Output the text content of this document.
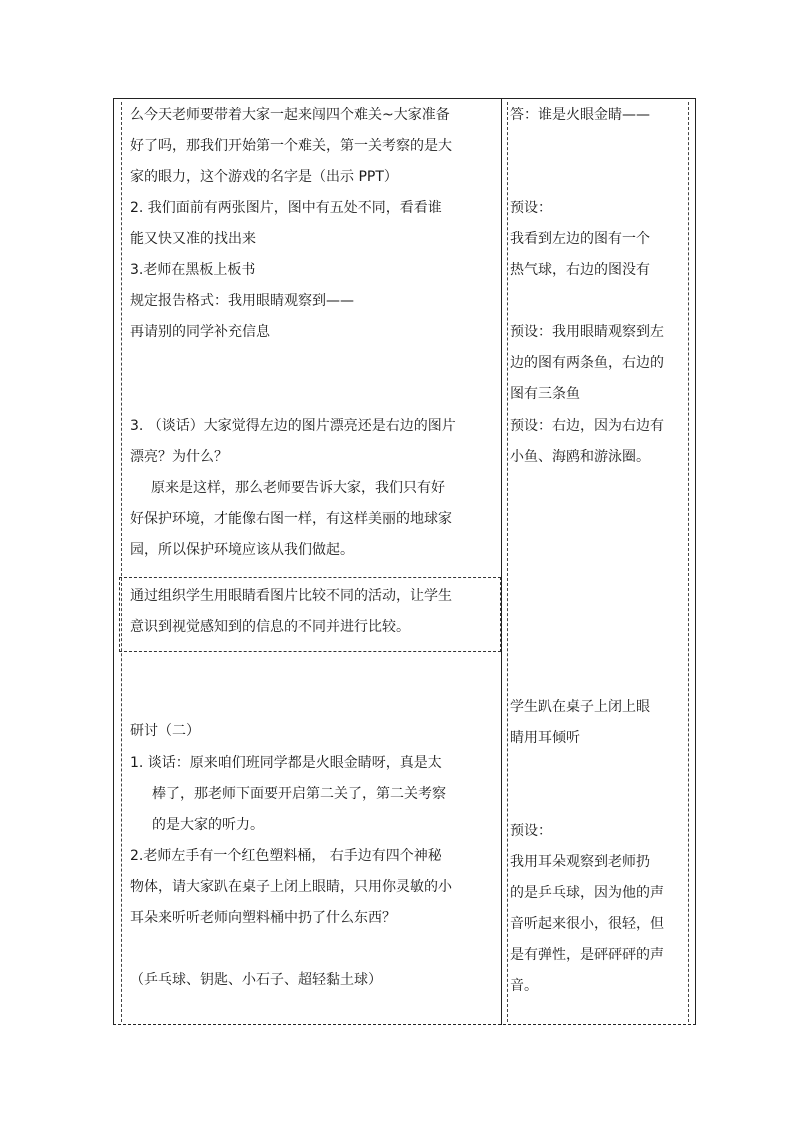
么今天老师要带着大家一起来闯四个难关~大家准备
好了吗，那我们开始第一个难关，第一关考察的是大
家的眼力，这个游戏的名字是（出示 PPT）
2. 我们面前有两张图片，图中有五处不同，看看谁
能又快又准的找出来
3.老师在黑板上板书
规定报告格式：我用眼睛观察到——
再请别的同学补充信息
3. （谈话）大家觉得左边的图片漂亮还是右边的图片
漂亮？为什么？
原来是这样，那么老师要告诉大家，我们只有好
好保护环境，才能像右图一样，有这样美丽的地球家
园，所以保护环境应该从我们做起。
通过组织学生用眼睛看图片比较不同的活动，让学生
意识到视觉感知到的信息的不同并进行比较。
研讨（二）
1. 谈话：原来咱们班同学都是火眼金睛呀，真是太
棒了，那老师下面要开启第二关了，第二关考察
的是大家的听力。
2.老师左手有一个红色塑料桶， 右手边有四个神秘
物体，请大家趴在桌子上闭上眼睛，只用你灵敏的小
耳朵来听听老师向塑料桶中扔了什么东西？
（乒乓球、钥匙、小石子、超轻黏土球）
答：谁是火眼金睛——
预设：
我看到左边的图有一个
热气球，右边的图没有
预设：我用眼睛观察到左
边的图有两条鱼，右边的
图有三条鱼
预设：右边，因为右边有
小鱼、海鸥和游泳圈。
学生趴在桌子上闭上眼
睛用耳倾听
预设：
我用耳朵观察到老师扔
的是乒乓球，因为他的声
音听起来很小，很轻，但
是有弹性，是砰砰砰的声
音。
